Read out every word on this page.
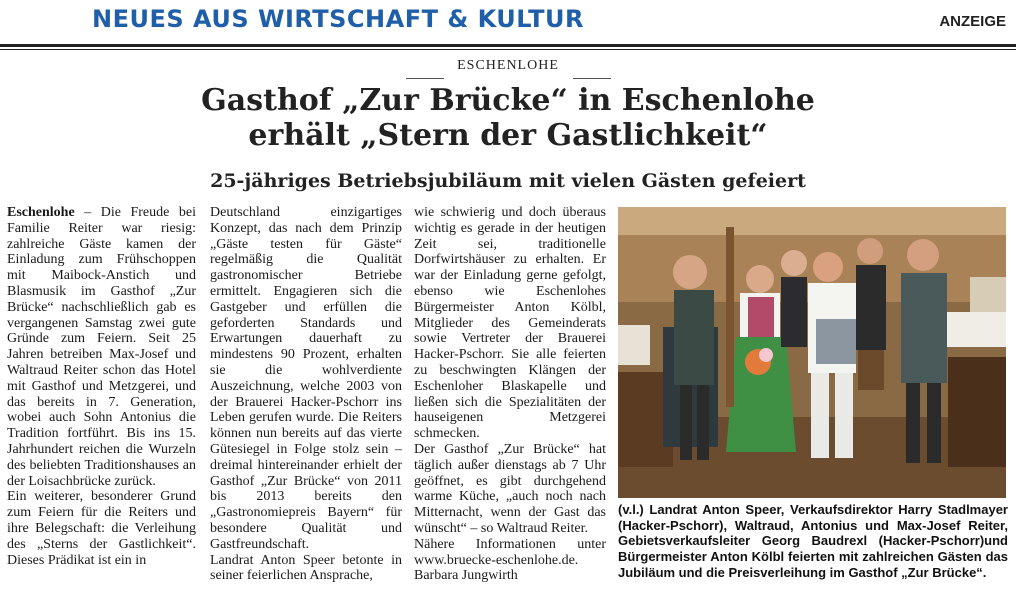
NEUES AUS WIRTSCHAFT & KULTUR	ANZEIGE
ESCHENLOHE
Gasthof „Zur Brücke“ in Eschenlohe
erhält „Stern der Gastlichkeit“
25-jähriges Betriebsjubiläum mit vielen Gästen gefeiert

Eschenlohe – Die Freude bei Familie Reiter war riesig: zahlreiche Gäste kamen der Einladung zum Frühschoppen mit Maibock-Anstich und Blasmusik im Gasthof „Zur Brücke“ nachschließlich gab es vergangenen Samstag zwei gute Gründe zum Feiern. Seit 25 Jahren betreiben Max-Josef und Waltraud Reiter schon das Hotel mit Gasthof und Metzgerei, und das bereits in 7. Generation, wobei auch Sohn Antonius die Tradition fortführt. Bis ins 15. Jahrhundert reichen die Wurzeln des beliebten Traditionshauses an der Loisachbrücke zurück.

Ein weiterer, besonderer Grund zum Feiern für die Reiters und ihre Belegschaft: die Verleihung des „Sterns der Gastlichkeit“. Dieses Prädikat ist ein in

Deutschland einzigartiges Konzept, das nach dem Prinzip „Gäste testen für Gäste“ regelmäßig die Qualität gastronomischer Betriebe ermittelt. Engagieren sich die Gastgeber und erfüllen die geforderten Standards und Erwartungen dauerhaft zu mindestens 90 Prozent, erhalten sie die wohlverdiente Auszeichnung, welche 2003 von der Brauerei Hacker-Pschorr ins Leben gerufen wurde. Die Reiters können nun bereits auf das vierte Gütesiegel in Folge stolz sein – dreimal hintereinander erhielt der Gasthof „Zur Brücke“ von 2011 bis 2013 bereits den „Gastronomiepreis Bayern“ für besondere Qualität und Gastfreundschaft.

Landrat Anton Speer betonte in seiner feierlichen Ansprache,

wie schwierig und doch überaus wichtig es gerade in der heutigen Zeit sei, traditionelle Dorfwirtshäuser zu erhalten. Er war der Einladung gerne gefolgt, ebenso wie Eschenlohes Bürgermeister Anton Kölbl, Mitglieder des Gemeinderats sowie Vertreter der Brauerei Hacker-Pschorr. Sie alle feierten zu beschwingten Klängen der Eschenloher Blaskapelle und ließen sich die Spezialitäten der hauseigenen Metzgerei schmecken.

Der Gasthof „Zur Brücke“ hat täglich außer dienstags ab 7 Uhr geöffnet, es gibt durchgehend warme Küche, „auch noch nach Mitternacht, wenn der Gast das wünscht“ – so Waltraud Reiter.

Nähere Informationen unter www.bruecke-eschenlohe.de.

Barbara Jungwirth

(v.l.) Landrat Anton Speer, Verkaufsdirektor Harry Stadlmayer (Hacker-Pschorr), Waltraud, Antonius und Max-Josef Reiter, Gebietsverkaufsleiter Georg Baudrexl (Hacker-Pschorr)und Bürgermeister Anton Kölbl feierten mit zahlreichen Gästen das Jubiläum und die Preisverleihung im Gasthof „Zur Brücke“.
